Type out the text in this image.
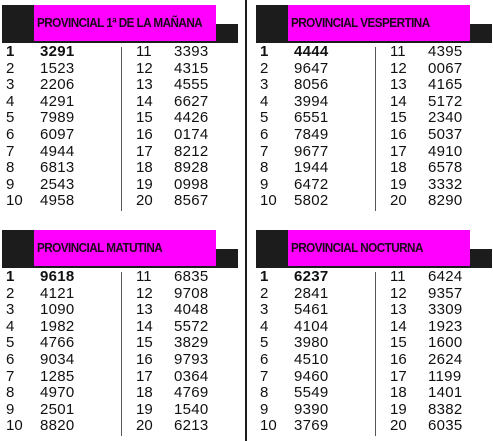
PROVINCIAL 1ª DE LA MAÑANA
1	3291
2	1523
3	2206
4	4291
5	7989
6	6097
7	4944
8	6813
9	2543
10	4958
11	3393
12	4315
13	4555
14	6627
15	4426
16	0174
17	8212
18	8928
19	0998
20	8567
PROVINCIAL VESPERTINA
1	4444
2	9647
3	8056
4	3994
5	6551
6	7849
7	9677
8	1944
9	6472
10	5802
11	4395
12	0067
13	4165
14	5172
15	2340
16	5037
17	4910
18	6578
19	3332
20	8290
PROVINCIAL MATUTINA
1	9618
2	4121
3	1090
4	1982
5	4766
6	9034
7	1285
8	4970
9	2501
10	8820
11	6835
12	9708
13	4048
14	5572
15	3829
16	9793
17	0364
18	4769
19	1540
20	6213
PROVINCIAL NOCTURNA
1	6237
2	2841
3	5461
4	4104
5	3980
6	4510
7	9460
8	5549
9	9390
10	3769
11	6424
12	9357
13	3309
14	1923
15	1600
16	2624
17	1199
18	1401
19	8382
20	6035
